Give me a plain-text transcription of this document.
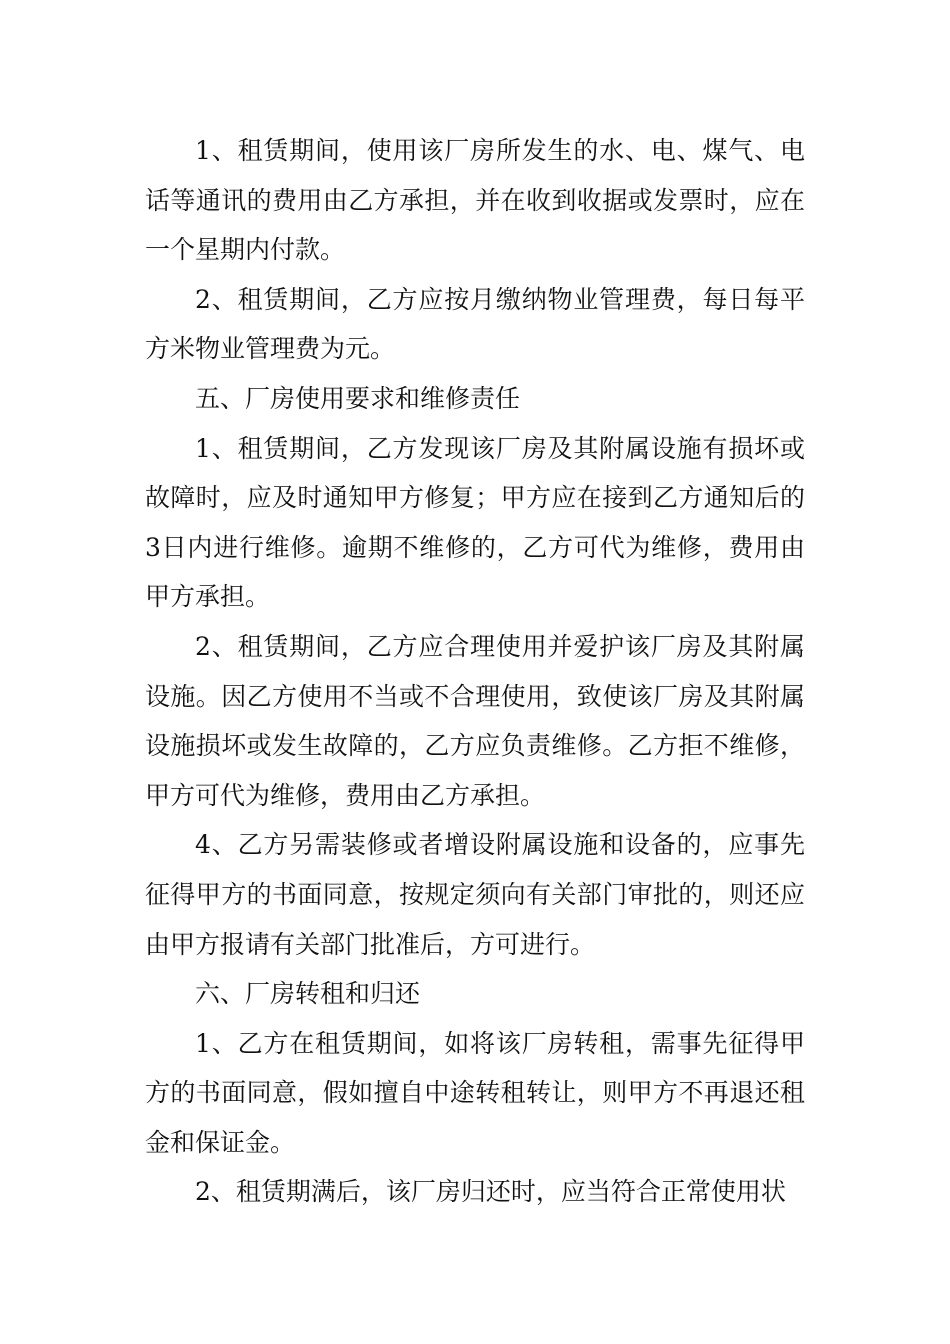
1、租赁期间，使用该厂房所发生的水、电、煤气、电话等通讯的费用由乙方承担，并在收到收据或发票时，应在一个星期内付款。

2、租赁期间，乙方应按月缴纳物业管理费，每日每平方米物业管理费为元。

五、厂房使用要求和维修责任

1、租赁期间，乙方发现该厂房及其附属设施有损坏或故障时，应及时通知甲方修复；甲方应在接到乙方通知后的3日内进行维修。逾期不维修的，乙方可代为维修，费用由甲方承担。

2、租赁期间，乙方应合理使用并爱护该厂房及其附属设施。因乙方使用不当或不合理使用，致使该厂房及其附属设施损坏或发生故障的，乙方应负责维修。乙方拒不维修，甲方可代为维修，费用由乙方承担。

4、乙方另需装修或者增设附属设施和设备的，应事先征得甲方的书面同意，按规定须向有关部门审批的，则还应由甲方报请有关部门批准后，方可进行。

六、厂房转租和归还

1、乙方在租赁期间，如将该厂房转租，需事先征得甲方的书面同意，假如擅自中途转租转让，则甲方不再退还租金和保证金。

2、租赁期满后，该厂房归还时，应当符合正常使用状
